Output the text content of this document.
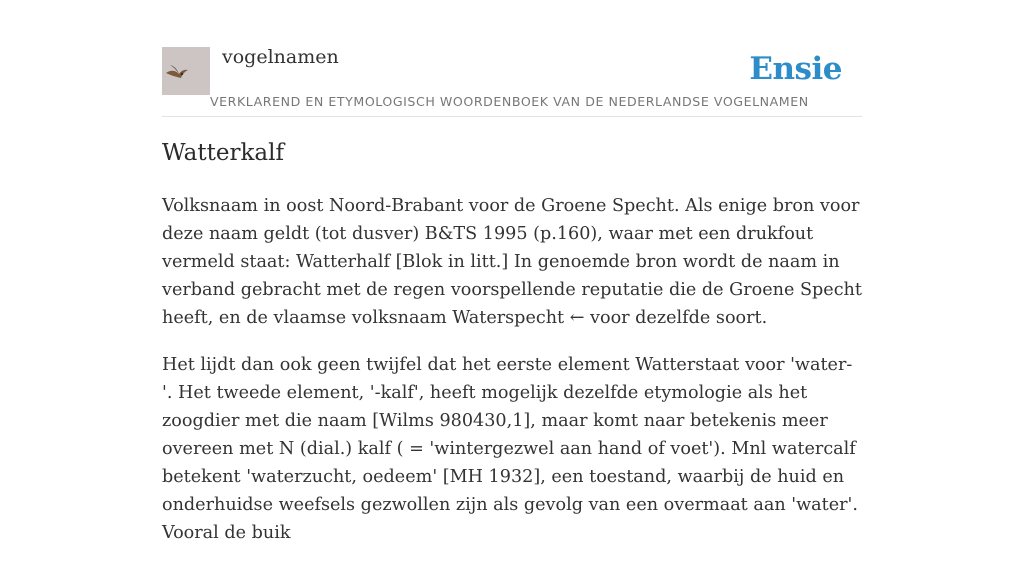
vogelnamen	Ensie
VERKLAREND EN ETYMOLOGISCH WOORDENBOEK VAN DE NEDERLANDSE VOGELNAMEN
Watterkalf

Volksnaam in oost Noord-Brabant voor de Groene Specht. Als enige bron voor deze naam geldt (tot dusver) B&TS 1995 (p.160), waar met een drukfout vermeld staat: Watterhalf [Blok in litt.] In genoemde bron wordt de naam in verband gebracht met de regen voorspellende reputatie die de Groene Specht heeft, en de vlaamse volksnaam Waterspecht ← voor dezelfde soort.

Het lijdt dan ook geen twijfel dat het eerste element Watterstaat voor 'water-'. Het tweede element, '-kalf', heeft mogelijk dezelfde etymologie als het zoogdier met die naam [Wilms 980430,1], maar komt naar betekenis meer overeen met N (dial.) kalf ( = 'wintergezwel aan hand of voet'). Mnl watercalf betekent 'waterzucht, oedeem' [MH 1932], een toestand, waarbij de huid en onderhuidse weefsels gezwollen zijn als gevolg van een overmaat aan 'water'. Vooral de buik
